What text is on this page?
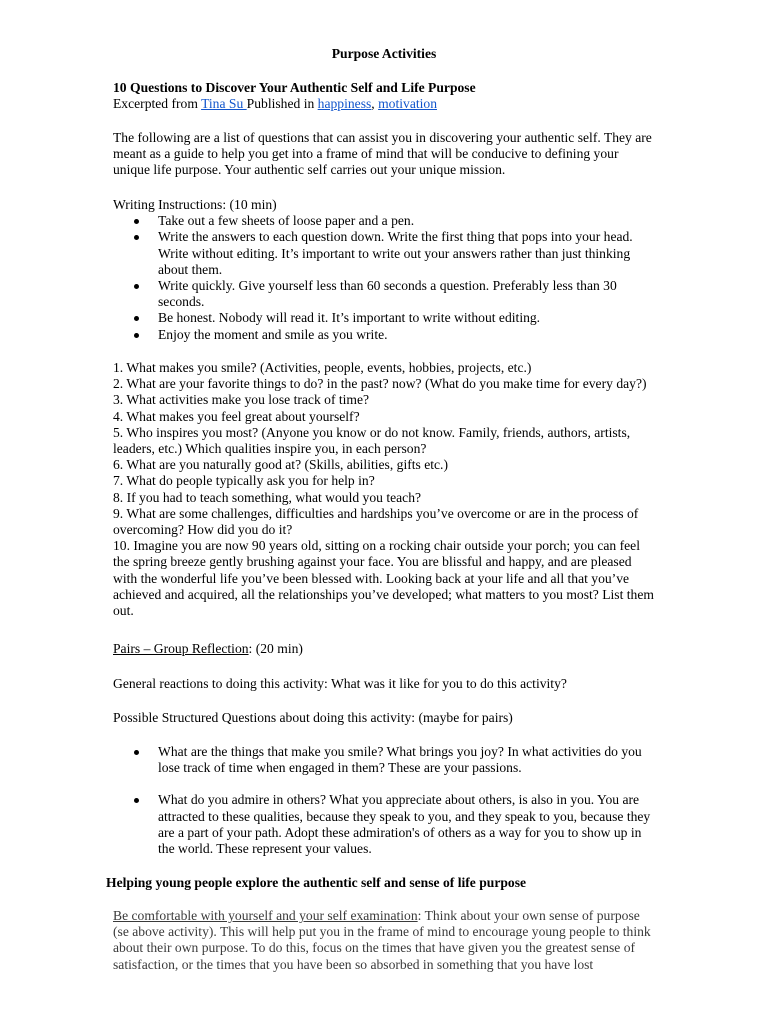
Purpose Activities

10 Questions to Discover Your Authentic Self and Life Purpose

Excerpted from Tina Su Published in happiness, motivation

The following are a list of questions that can assist you in discovering your authentic self. They are meant as a guide to help you get into a frame of mind that will be conducive to defining your unique life purpose. Your authentic self carries out your unique mission.

Writing Instructions: (10 min)

Take out a few sheets of loose paper and a pen.
Write the answers to each question down. Write the first thing that pops into your head. Write without editing. It’s important to write out your answers rather than just thinking about them.
Write quickly. Give yourself less than 60 seconds a question. Preferably less than 30 seconds.
Be honest. Nobody will read it. It’s important to write without editing.
Enjoy the moment and smile as you write.

1. What makes you smile? (Activities, people, events, hobbies, projects, etc.)

2. What are your favorite things to do? in the past? now? (What do you make time for every day?)

3. What activities make you lose track of time?

4. What makes you feel great about yourself?

5. Who inspires you most? (Anyone you know or do not know. Family, friends, authors, artists, leaders, etc.) Which qualities inspire you, in each person?

6. What are you naturally good at? (Skills, abilities, gifts etc.)

7. What do people typically ask you for help in?

8. If you had to teach something, what would you teach?

9. What are some challenges, difficulties and hardships you’ve overcome or are in the process of overcoming? How did you do it?

10. Imagine you are now 90 years old, sitting on a rocking chair outside your porch; you can feel the spring breeze gently brushing against your face. You are blissful and happy, and are pleased with the wonderful life you’ve been blessed with. Looking back at your life and all that you’ve achieved and acquired, all the relationships you’ve developed; what matters to you most? List them out.

Pairs – Group Reflection: (20 min)

General reactions to doing this activity: What was it like for you to do this activity?

Possible Structured Questions about doing this activity: (maybe for pairs)

What are the things that make you smile? What brings you joy? In what activities do you lose track of time when engaged in them? These are your passions.
What do you admire in others? What you appreciate about others, is also in you. You are attracted to these qualities, because they speak to you, and they speak to you, because they are a part of your path. Adopt these admiration's of others as a way for you to show up in the world. These represent your values.

Helping young people explore the authentic self and sense of life purpose

Be comfortable with yourself and your self examination: Think about your own sense of purpose (se above activity). This will help put you in the frame of mind to encourage young people to think about their own purpose. To do this, focus on the times that have given you the greatest sense of satisfaction, or the times that you have been so absorbed in something that you have lost
